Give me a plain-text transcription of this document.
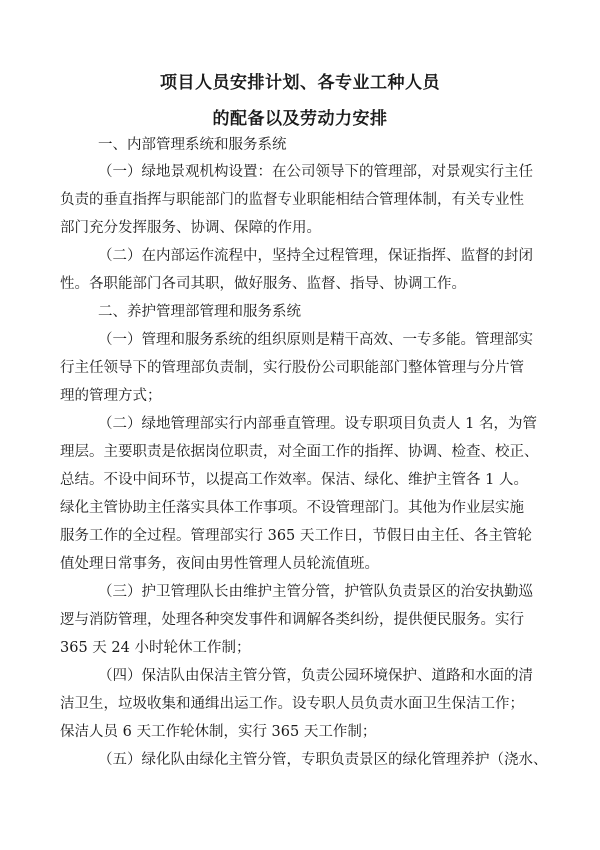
项目人员安排计划、各专业工种人员
的配备以及劳动力安排
一、内部管理系统和服务系统
（一）绿地景观机构设置：在公司领导下的管理部，对景观实行主任
负责的垂直指挥与职能部门的监督专业职能相结合管理体制，有关专业性
部门充分发挥服务、协调、保障的作用。
（二）在内部运作流程中，坚持全过程管理，保证指挥、监督的封闭
性。各职能部门各司其职，做好服务、监督、指导、协调工作。
二、养护管理部管理和服务系统
（一）管理和服务系统的组织原则是精干高效、一专多能。管理部实
行主任领导下的管理部负责制，实行股份公司职能部门整体管理与分片管
理的管理方式；
（二）绿地管理部实行内部垂直管理。设专职项目负责人 1 名，为管
理层。主要职责是依据岗位职责，对全面工作的指挥、协调、检查、校正、
总结。不设中间环节，以提高工作效率。保洁、绿化、维护主管各 1 人。
绿化主管协助主任落实具体工作事项。不设管理部门。其他为作业层实施
服务工作的全过程。管理部实行 365 天工作日，节假日由主任、各主管轮
值处理日常事务，夜间由男性管理人员轮流值班。
（三）护卫管理队长由维护主管分管，护管队负责景区的治安执勤巡
逻与消防管理，处理各种突发事件和调解各类纠纷，提供便民服务。实行
365 天 24 小时轮休工作制；
（四）保洁队由保洁主管分管，负责公园环境保护、道路和水面的清
洁卫生，垃圾收集和通缉出运工作。设专职人员负责水面卫生保洁工作；
保洁人员 6 天工作轮休制，实行 365 天工作制；
（五）绿化队由绿化主管分管，专职负责景区的绿化管理养护（浇水、
